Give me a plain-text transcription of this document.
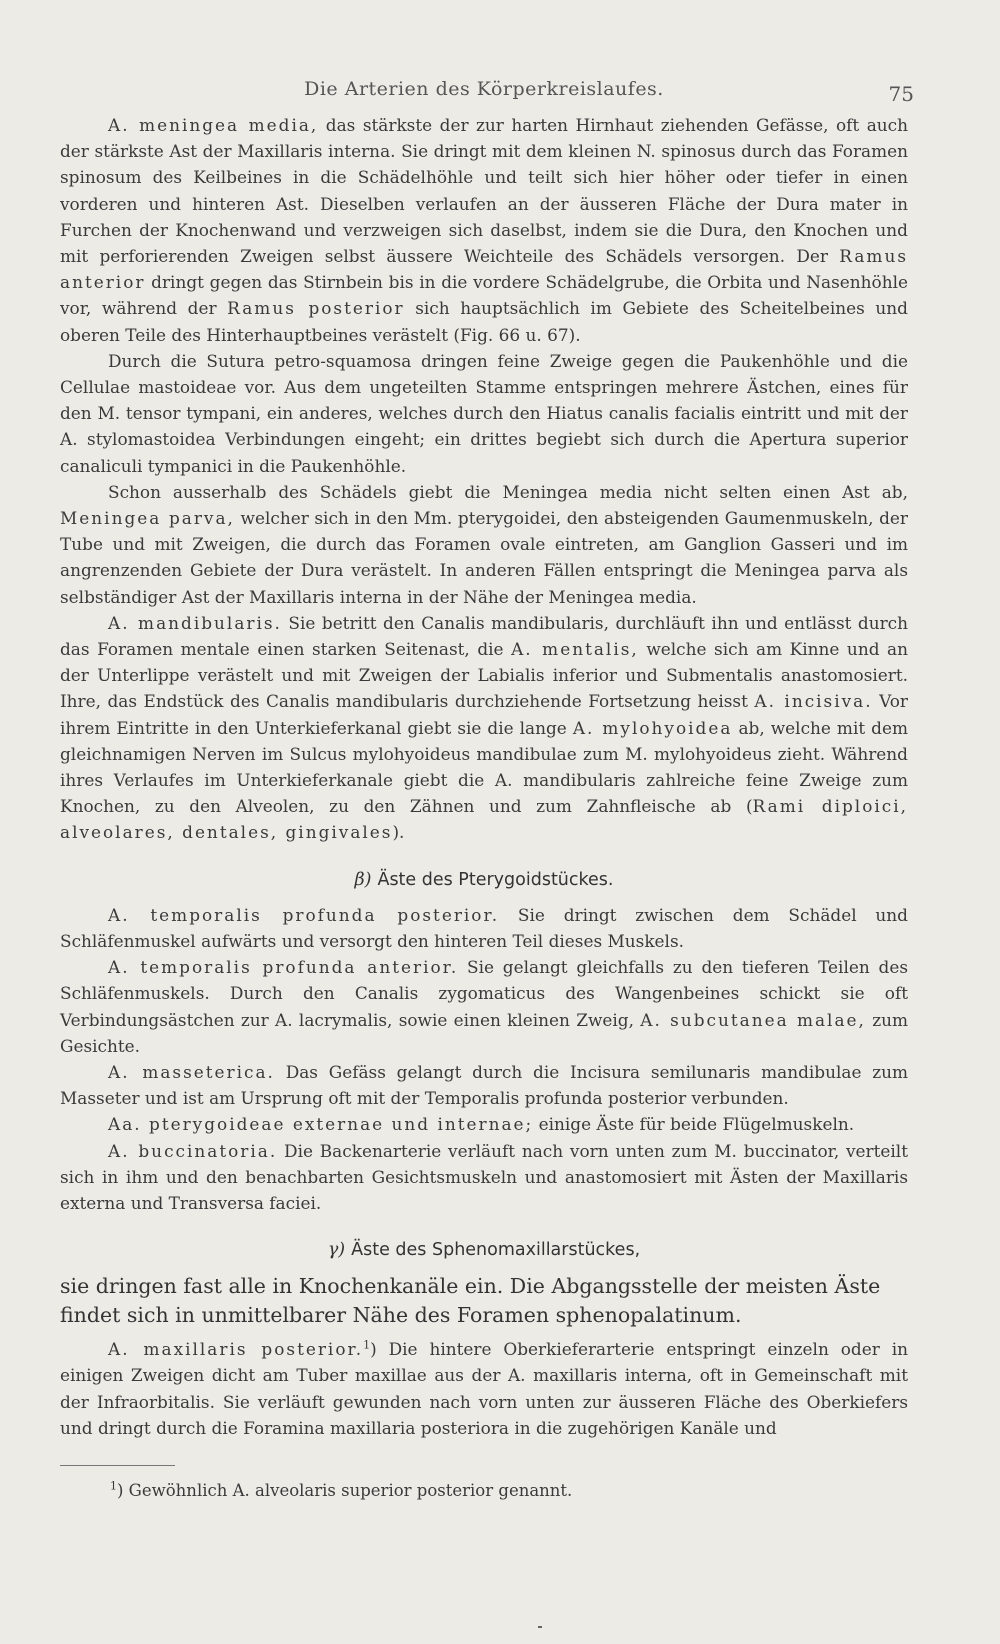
Die Arterien des Körperkreislaufes.	75

A. meningea media, das stärkste der zur harten Hirnhaut ziehenden Gefässe, oft auch der stärkste Ast der Maxillaris interna. Sie dringt mit dem kleinen N. spinosus durch das Foramen spinosum des Keilbeines in die Schädelhöhle und teilt sich hier höher oder tiefer in einen vorderen und hinteren Ast. Dieselben verlaufen an der äusseren Fläche der Dura mater in Furchen der Knochenwand und verzweigen sich daselbst, indem sie die Dura, den Knochen und mit perforierenden Zweigen selbst äussere Weichteile des Schädels versorgen. Der Ramus anterior dringt gegen das Stirnbein bis in die vordere Schädelgrube, die Orbita und Nasenhöhle vor, während der Ramus posterior sich hauptsächlich im Gebiete des Scheitelbeines und oberen Teile des Hinterhauptbeines verästelt (Fig. 66 u. 67).

Durch die Sutura petro-squamosa dringen feine Zweige gegen die Paukenhöhle und die Cellulae mastoideae vor. Aus dem ungeteilten Stamme entspringen mehrere Ästchen, eines für den M. tensor tympani, ein anderes, welches durch den Hiatus canalis facialis eintritt und mit der A. stylomastoidea Verbindungen eingeht; ein drittes begiebt sich durch die Apertura superior canaliculi tympanici in die Paukenhöhle.

Schon ausserhalb des Schädels giebt die Meningea media nicht selten einen Ast ab, Meningea parva, welcher sich in den Mm. pterygoidei, den absteigenden Gaumenmuskeln, der Tube und mit Zweigen, die durch das Foramen ovale eintreten, am Ganglion Gasseri und im angrenzenden Gebiete der Dura verästelt. In anderen Fällen entspringt die Meningea parva als selbständiger Ast der Maxillaris interna in der Nähe der Meningea media.

A. mandibularis. Sie betritt den Canalis mandibularis, durchläuft ihn und entlässt durch das Foramen mentale einen starken Seitenast, die A. mentalis, welche sich am Kinne und an der Unterlippe verästelt und mit Zweigen der Labialis inferior und Submentalis anastomosiert. Ihre, das Endstück des Canalis mandibularis durchziehende Fortsetzung heisst A. incisiva. Vor ihrem Eintritte in den Unterkieferkanal giebt sie die lange A. mylohyoidea ab, welche mit dem gleichnamigen Nerven im Sulcus mylohyoideus mandibulae zum M. mylohyoideus zieht. Während ihres Verlaufes im Unterkieferkanale giebt die A. mandibularis zahlreiche feine Zweige zum Knochen, zu den Alveolen, zu den Zähnen und zum Zahnfleische ab (Rami diploici, alveolares, dentales, gingivales).

β) Äste des Pterygoidstückes.

A. temporalis profunda posterior. Sie dringt zwischen dem Schädel und Schläfenmuskel aufwärts und versorgt den hinteren Teil dieses Muskels.

A. temporalis profunda anterior. Sie gelangt gleichfalls zu den tieferen Teilen des Schläfenmuskels. Durch den Canalis zygomaticus des Wangenbeines schickt sie oft Verbindungsästchen zur A. lacrymalis, sowie einen kleinen Zweig, A. subcutanea malae, zum Gesichte.

A. masseterica. Das Gefäss gelangt durch die Incisura semilunaris mandibulae zum Masseter und ist am Ursprung oft mit der Temporalis profunda posterior verbunden.

Aa. pterygoideae externae und internae; einige Äste für beide Flügelmuskeln.

A. buccinatoria. Die Backenarterie verläuft nach vorn unten zum M. buccinator, verteilt sich in ihm und den benachbarten Gesichtsmuskeln und anastomosiert mit Ästen der Maxillaris externa und Transversa faciei.

γ) Äste des Sphenomaxillarstückes,

sie dringen fast alle in Knochenkanäle ein. Die Abgangsstelle der meisten Äste findet sich in unmittelbarer Nähe des Foramen sphenopalatinum.

A. maxillaris posterior.$^1$) Die hintere Oberkieferarterie entspringt einzeln oder in einigen Zweigen dicht am Tuber maxillae aus der A. maxillaris interna, oft in Gemeinschaft mit der Infraorbitalis. Sie verläuft gewunden nach vorn unten zur äusseren Fläche des Oberkiefers und dringt durch die Foramina maxillaria posteriora in die zugehörigen Kanäle und

$^1$) Gewöhnlich A. alveolaris superior posterior genannt.
